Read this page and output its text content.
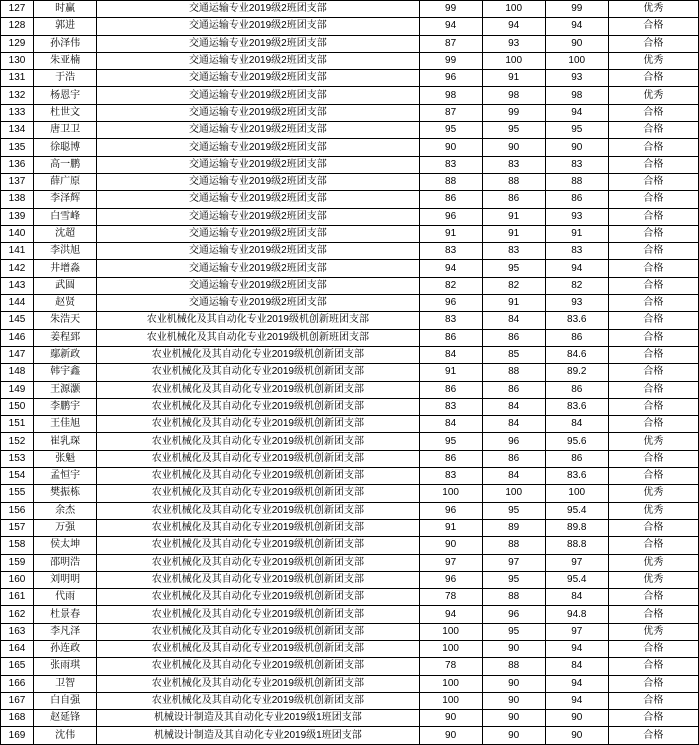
127	时赢	交通运输专业2019级2班团支部	99	100	99	优秀
128	郭进	交通运输专业2019级2班团支部	94	94	94	合格
129	孙泽伟	交通运输专业2019级2班团支部	87	93	90	合格
130	朱亚楠	交通运输专业2019级2班团支部	99	100	100	优秀
131	于浩	交通运输专业2019级2班团支部	96	91	93	合格
132	杨恩宇	交通运输专业2019级2班团支部	98	98	98	优秀
133	杜世文	交通运输专业2019级2班团支部	87	99	94	合格
134	唐卫卫	交通运输专业2019级2班团支部	95	95	95	合格
135	徐聪博	交通运输专业2019级2班团支部	90	90	90	合格
136	高一鹏	交通运输专业2019级2班团支部	83	83	83	合格
137	薛广原	交通运输专业2019级2班团支部	88	88	88	合格
138	李泽辉	交通运输专业2019级2班团支部	86	86	86	合格
139	白雪峰	交通运输专业2019级2班团支部	96	91	93	合格
140	沈超	交通运输专业2019级2班团支部	91	91	91	合格
141	李洪旭	交通运输专业2019级2班团支部	83	83	83	合格
142	井增淼	交通运输专业2019级2班团支部	94	95	94	合格
143	武圆	交通运输专业2019级2班团支部	82	82	82	合格
144	赵贤	交通运输专业2019级2班团支部	96	91	93	合格
145	朱浩天	农业机械化及其自动化专业2019级机创新班团支部	83	84	83.6	合格
146	姜程郅	农业机械化及其自动化专业2019级机创新班团支部	86	86	86	合格
147	鄢新政	农业机械化及其自动化专业2019级机创新团支部	84	85	84.6	合格
148	韩宇鑫	农业机械化及其自动化专业2019级机创新团支部	91	88	89.2	合格
149	王源灏	农业机械化及其自动化专业2019级机创新团支部	86	86	86	合格
150	李鹏宇	农业机械化及其自动化专业2019级机创新团支部	83	84	83.6	合格
151	王佳旭	农业机械化及其自动化专业2019级机创新团支部	84	84	84	合格
152	崔乳琛	农业机械化及其自动化专业2019级机创新团支部	95	96	95.6	优秀
153	张魁	农业机械化及其自动化专业2019级机创新团支部	86	86	86	合格
154	孟恒宇	农业机械化及其自动化专业2019级机创新团支部	83	84	83.6	合格
155	樊振栋	农业机械化及其自动化专业2019级机创新团支部	100	100	100	优秀
156	余杰	农业机械化及其自动化专业2019级机创新团支部	96	95	95.4	优秀
157	万强	农业机械化及其自动化专业2019级机创新团支部	91	89	89.8	合格
158	侯太坤	农业机械化及其自动化专业2019级机创新团支部	90	88	88.8	合格
159	邵明浩	农业机械化及其自动化专业2019级机创新团支部	97	97	97	优秀
160	刘明明	农业机械化及其自动化专业2019级机创新团支部	96	95	95.4	优秀
161	代雨	农业机械化及其自动化专业2019级机创新团支部	78	88	84	合格
162	杜景春	农业机械化及其自动化专业2019级机创新团支部	94	96	94.8	合格
163	李凡泽	农业机械化及其自动化专业2019级机创新团支部	100	95	97	优秀
164	孙连政	农业机械化及其自动化专业2019级机创新团支部	100	90	94	合格
165	张雨琪	农业机械化及其自动化专业2019级机创新团支部	78	88	84	合格
166	卫智	农业机械化及其自动化专业2019级机创新团支部	100	90	94	合格
167	白自强	农业机械化及其自动化专业2019级机创新团支部	100	90	94	合格
168	赵延锋	机械设计制造及其自动化专业2019级1班团支部	90	90	90	合格
169	沈伟	机械设计制造及其自动化专业2019级1班团支部	90	90	90	合格
